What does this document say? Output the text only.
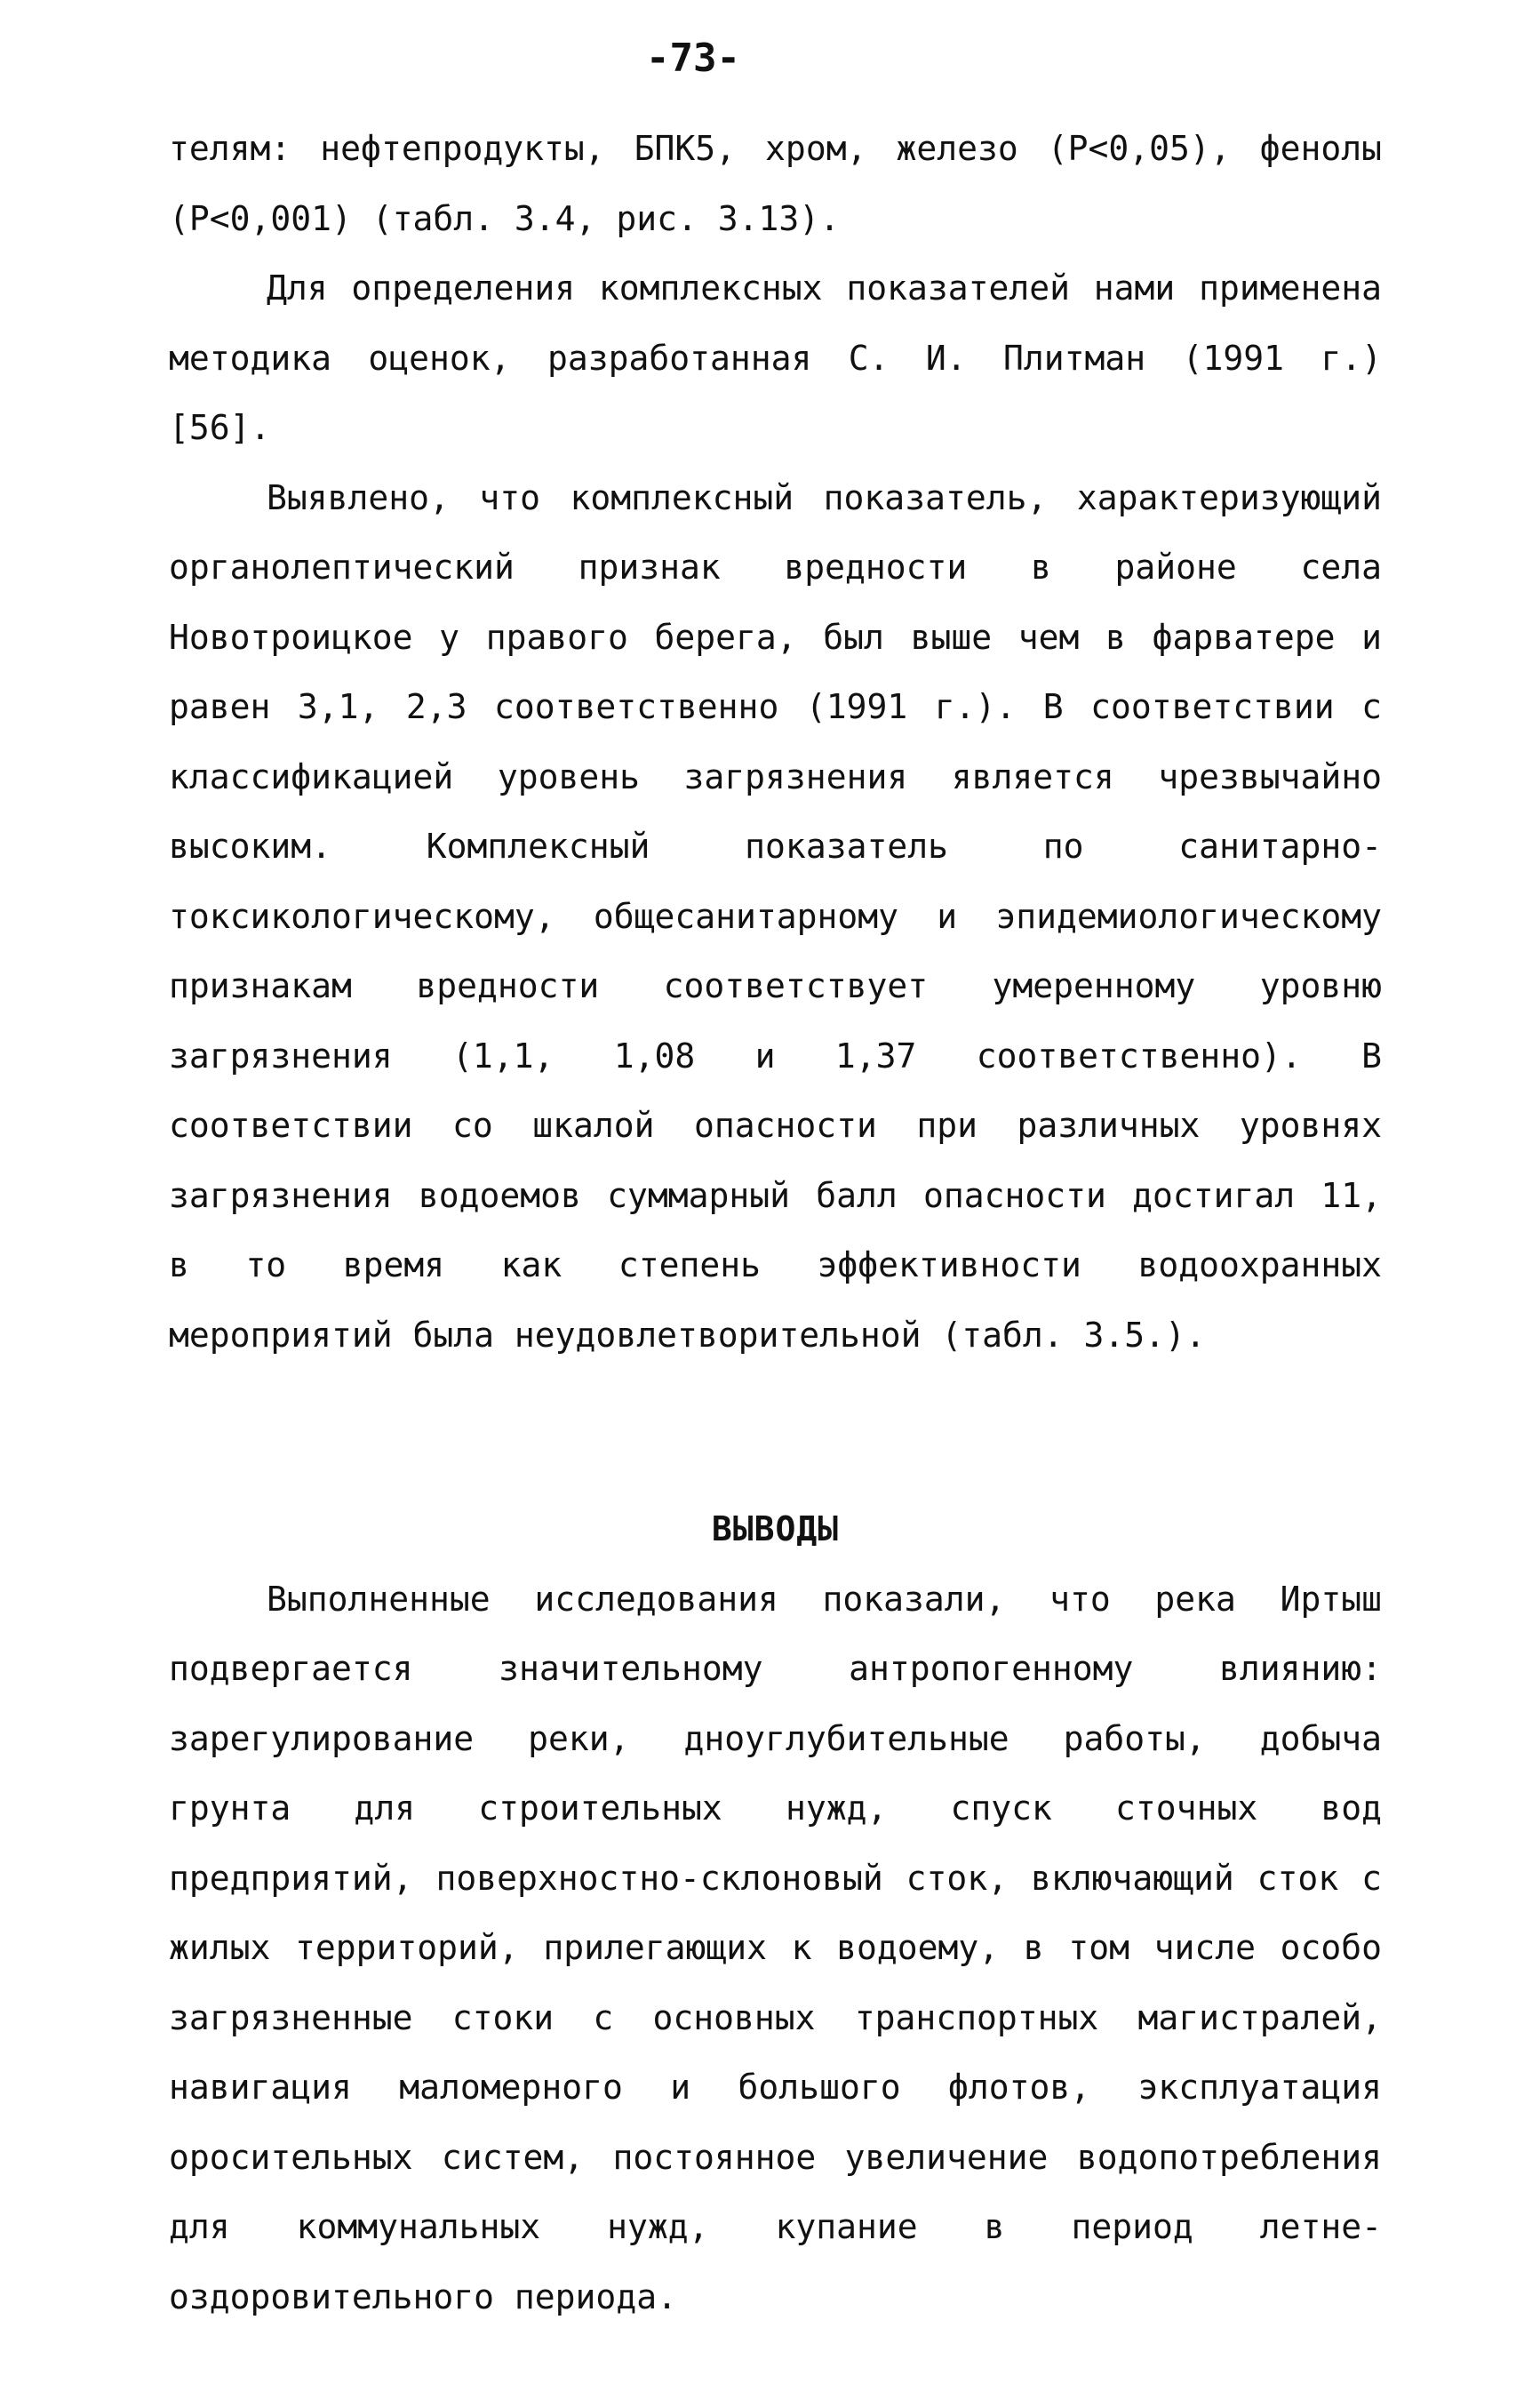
-73-

телям: нефтепродукты, БПК5, хром, железо (Р<0,05), фенолы (Р<0,001) (табл. 3.4, рис. 3.13).

Для определения комплексных показателей нами применена методика оценок, разработанная С. И. Плитман (1991 г.) [56].

Выявлено, что комплексный показатель, характеризующий органолептический признак вредности в районе села Новотроицкое у правого берега, был выше чем в фарватере и равен 3,1, 2,3 соответственно (1991 г.). В соответствии с классификацией уровень загрязнения является чрезвычайно высоким. Комплексный показатель по санитарно-токсикологическому, общесанитарному и эпидемиологическому признакам вредности соответствует умеренному уровню загрязнения (1,1, 1,08 и 1,37 соответственно). В соответствии со шкалой опасности при различных уровнях загрязнения водоемов суммарный балл опасности достигал 11, в то время как степень эффективности водоохранных мероприятий была неудовлетворительной (табл. 3.5.).

ВЫВОДЫ

Выполненные исследования показали, что река Иртыш подвергается значительному антропогенному влиянию: зарегулирование реки, дноуглубительные работы, добыча грунта для строительных нужд, спуск сточных вод предприятий, поверхностно-склоновый сток, включающий сток с жилых территорий, прилегающих к водоему, в том числе особо загрязненные стоки с основных транспортных магистралей, навигация маломерного и большого флотов, эксплуатация оросительных систем, постоянное увеличение водопотребления для коммунальных нужд, купание в период летне-оздоровительного периода.
